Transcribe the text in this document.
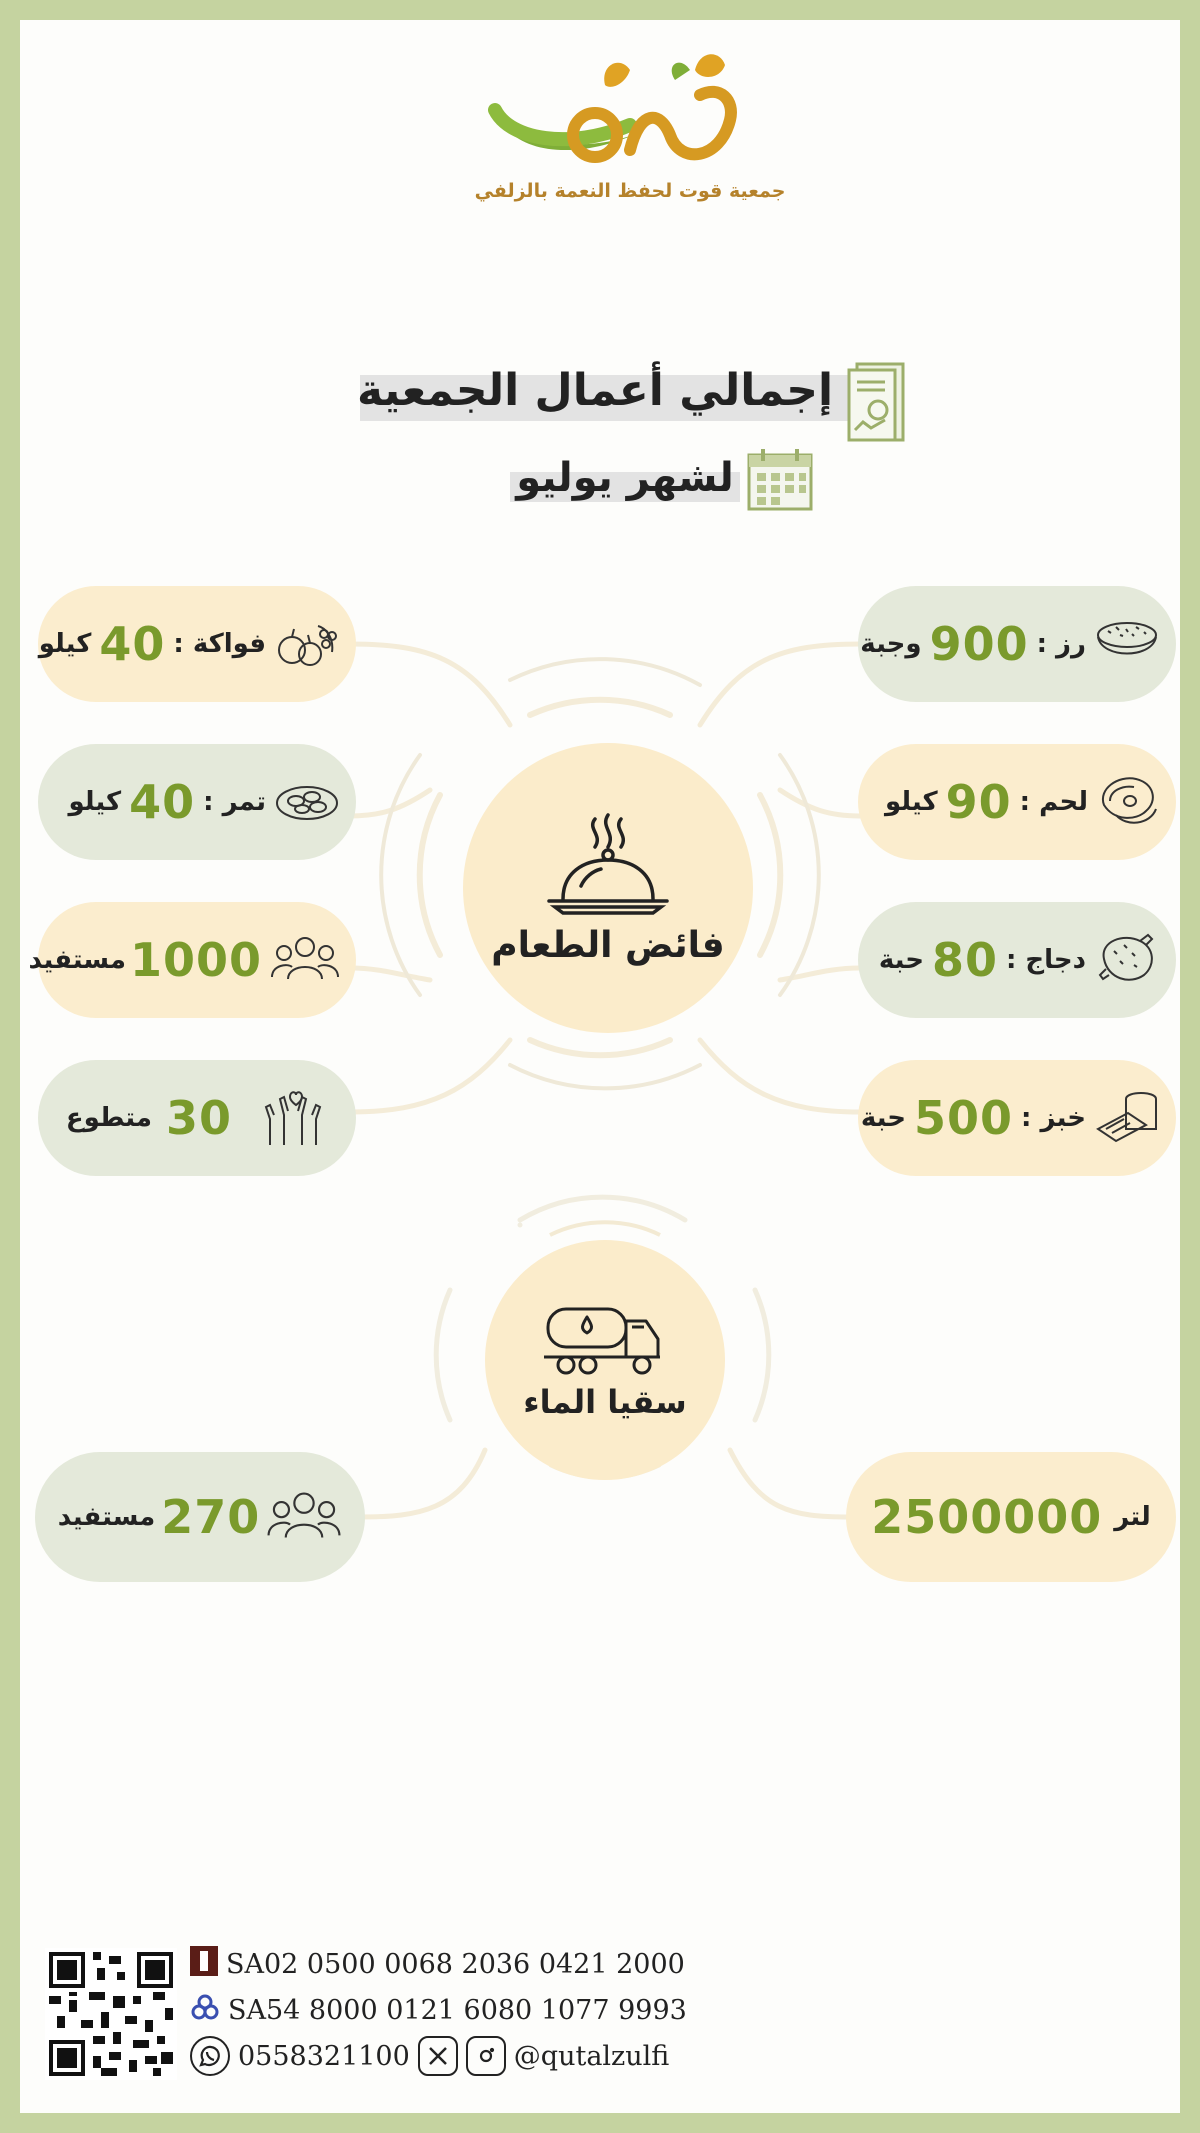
جمعية قوت لحفظ النعمة بالزلفي
إجمالي أعمال الجمعية
لشهر يوليو
فائض الطعام
سقيا الماء
رز :
900
وجبة
لحم :
90
كيلو
دجاج :
80
حبة
خبز :
500
حبة
فواكة :
40
كيلو
تمر :
40
كيلو
1000
مستفيد
30
متطوع
لتر
2500000
270
مستفيد
SA02 0500 0068 2036 0421 2000
SA54 8000 0121 6080 1077 9993
0558321100	@qutalzulfi
